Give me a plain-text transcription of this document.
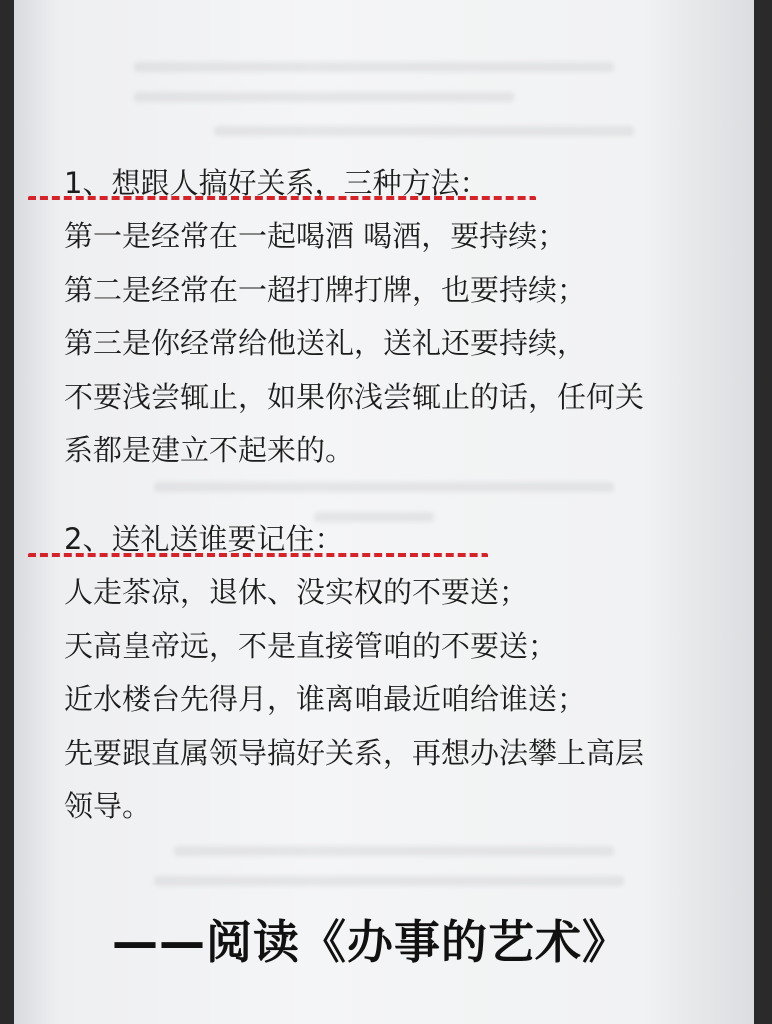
1、想跟人搞好关系，三种方法：
第一是经常在一起喝酒 喝酒，要持续；
第二是经常在一超打牌打牌，也要持续；
第三是你经常给他送礼，送礼还要持续，
不要浅尝辄止，如果你浅尝辄止的话，任何关
系都是建立不起来的。
2、送礼送谁要记住：
人走茶凉，退休、没实权的不要送；
天高皇帝远，不是直接管咱的不要送；
近水楼台先得月，谁离咱最近咱给谁送；
先要跟直属领导搞好关系，再想办法攀上高层
领导。
——阅读《办事的艺术》
